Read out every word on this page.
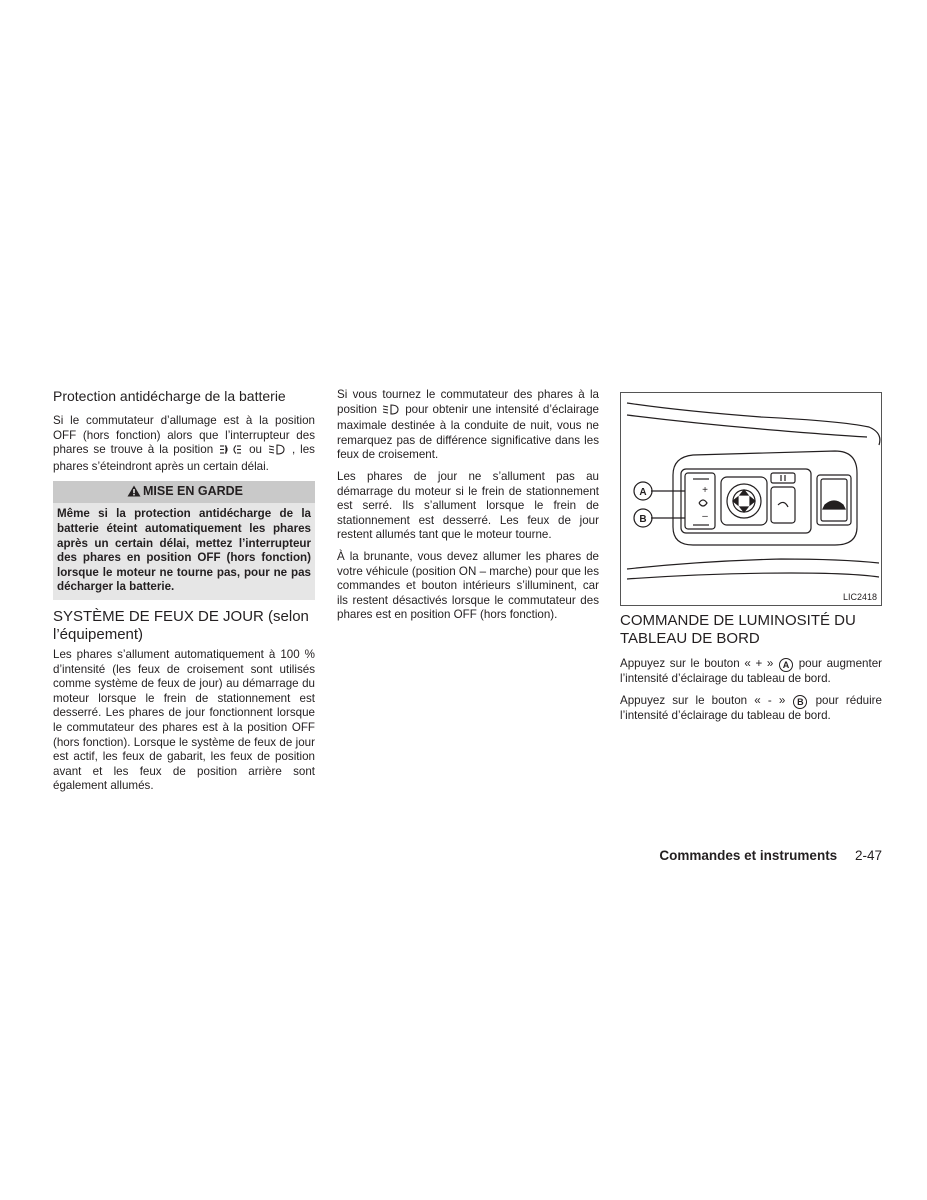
Protection antidécharge de la batterie

Si le commutateur d’allumage est à la position OFF (hors fonction) alors que l’interrupteur des phares se trouve à la position	ou	, les phares s’éteindront après un certain délai.

MISE EN GARDE
Même si la protection antidécharge de la batterie éteint automatiquement les phares après un certain délai, mettez l’interrupteur des phares en position OFF (hors fonction) lorsque le moteur ne tourne pas, pour ne pas décharger la batterie.
SYSTÈME DE FEUX DE JOUR (selon l’équipement)

Les phares s’allument automatiquement à 100 % d’intensité (les feux de croisement sont utilisés comme système de feux de jour) au démarrage du moteur lorsque le frein de stationnement est desserré. Les phares de jour fonctionnent lorsque le commutateur des phares est à la position OFF (hors fonction). Lorsque le système de feux de jour est actif, les feux de gabarit, les feux de position avant et les feux de position arrière sont également allumés.

Si vous tournez le commutateur des phares à la position pour obtenir une intensité d’éclairage maximale destinée à la conduite de nuit, vous ne remarquez pas de différence significative dans les feux de croisement.

Les phares de jour ne s’allument pas au démarrage du moteur si le frein de stationnement est serré. Ils s’allument lorsque le frein de stationnement est desserré. Les feux de jour restent allumés tant que le moteur tourne.

À la brunante, vous devez allumer les phares de votre véhicule (position ON – marche) pour que les commandes et bouton intérieurs s’illuminent, car ils restent désactivés lorsque le commutateur des phares est en position OFF (hors fonction).

A
B
+
–
LIC2418
COMMANDE DE LUMINOSITÉ DU TABLEAU DE BORD

Appuyez sur le bouton « + » A pour augmenter l’intensité d’éclairage du tableau de bord.

Appuyez sur le bouton « - » B pour réduire l’intensité d’éclairage du tableau de bord.

Commandes et instruments 2-47
